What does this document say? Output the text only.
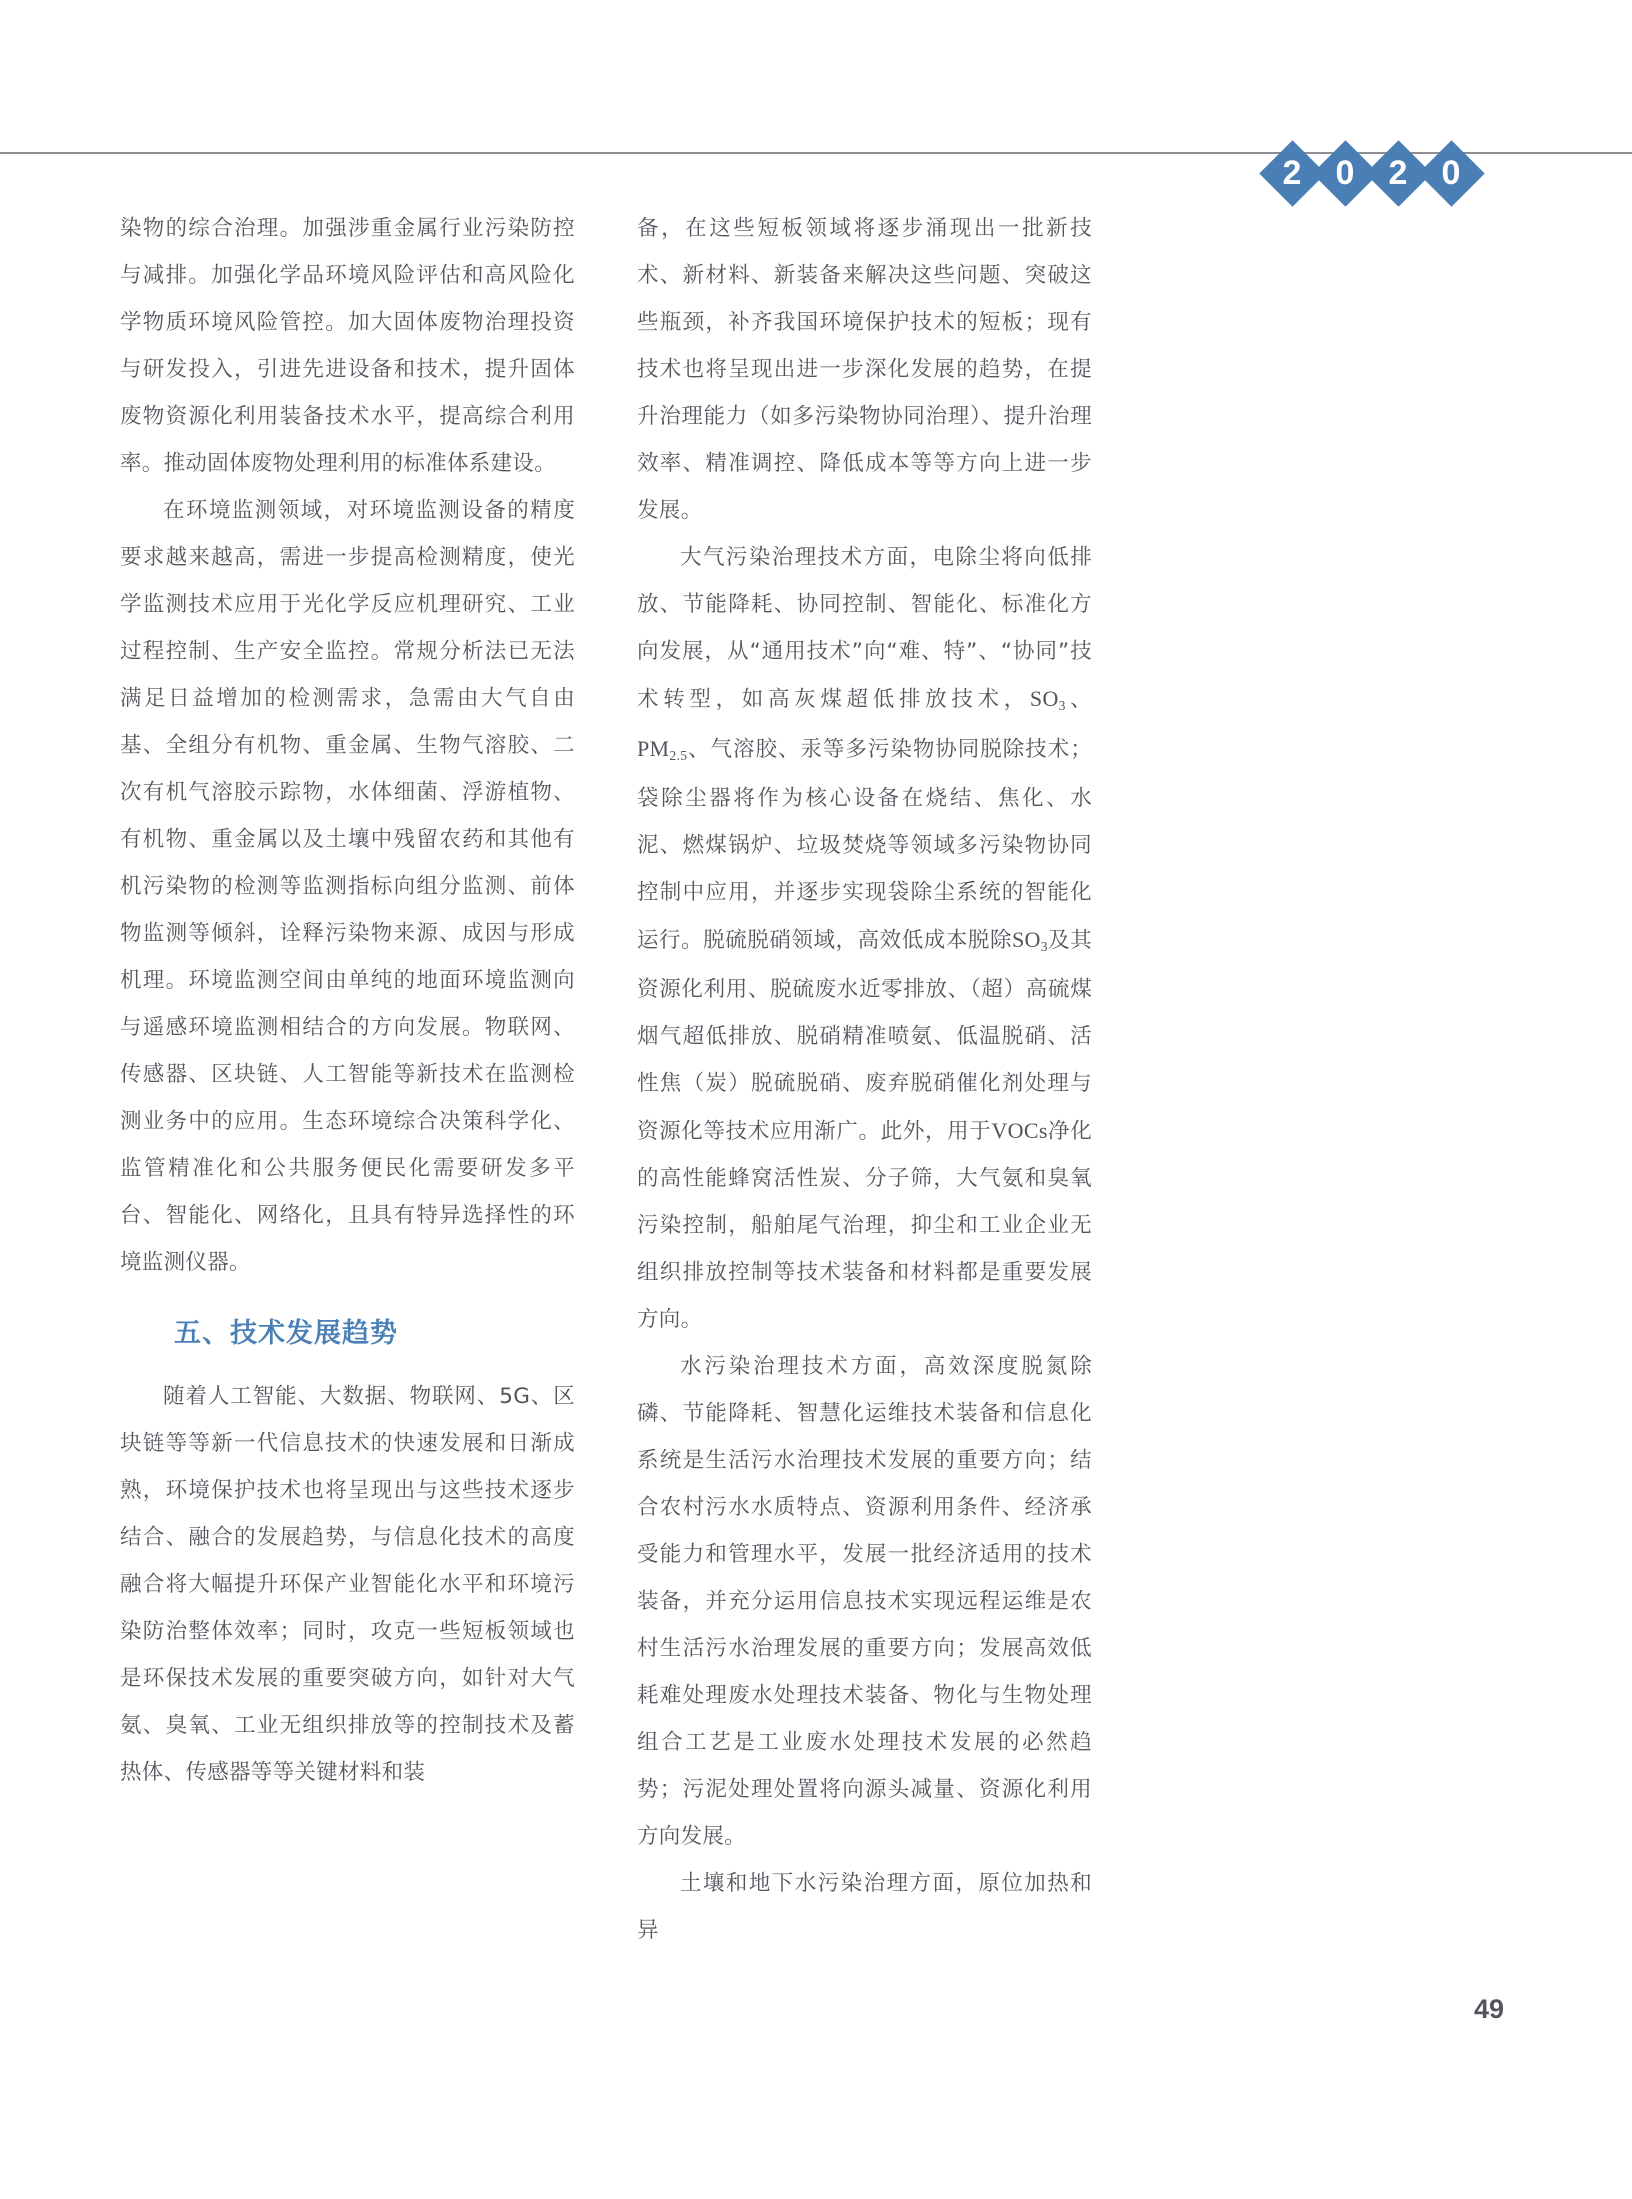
2 0 2 0

染物的综合治理。加强涉重金属行业污染防控与减排。加强化学品环境风险评估和高风险化学物质环境风险管控。加大固体废物治理投资与研发投入，引进先进设备和技术，提升固体废物资源化利用装备技术水平，提高综合利用率。推动固体废物处理利用的标准体系建设。

在环境监测领域，对环境监测设备的精度要求越来越高，需进一步提高检测精度，使光学监测技术应用于光化学反应机理研究、工业过程控制、生产安全监控。常规分析法已无法满足日益增加的检测需求，急需由大气自由基、全组分有机物、重金属、生物气溶胶、二次有机气溶胶示踪物，水体细菌、浮游植物、有机物、重金属以及土壤中残留农药和其他有机污染物的检测等监测指标向组分监测、前体物监测等倾斜，诠释污染物来源、成因与形成机理。环境监测空间由单纯的地面环境监测向与遥感环境监测相结合的方向发展。物联网、传感器、区块链、人工智能等新技术在监测检测业务中的应用。生态环境综合决策科学化、监管精准化和公共服务便民化需要研发多平台、智能化、网络化，且具有特异选择性的环境监测仪器。

五、技术发展趋势

随着人工智能、大数据、物联网、5G、区块链等等新一代信息技术的快速发展和日渐成熟，环境保护技术也将呈现出与这些技术逐步结合、融合的发展趋势，与信息化技术的高度融合将大幅提升环保产业智能化水平和环境污染防治整体效率；同时，攻克一些短板领域也是环保技术发展的重要突破方向，如针对大气氨、臭氧、工业无组织排放等的控制技术及蓄热体、传感器等等关键材料和装

备，在这些短板领域将逐步涌现出一批新技术、新材料、新装备来解决这些问题、突破这些瓶颈，补齐我国环境保护技术的短板；现有技术也将呈现出进一步深化发展的趋势，在提升治理能力（如多污染物协同治理）、提升治理效率、精准调控、降低成本等等方向上进一步发展。

大气污染治理技术方面，电除尘将向低排放、节能降耗、协同控制、智能化、标准化方向发展，从“通用技术”向“难、特”、“协同”技术转型，如高灰煤超低排放技术，$SO_3$、$PM_{2.5}$、气溶胶、汞等多污染物协同脱除技术；袋除尘器将作为核心设备在烧结、焦化、水泥、燃煤锅炉、垃圾焚烧等领域多污染物协同控制中应用，并逐步实现袋除尘系统的智能化运行。脱硫脱硝领域，高效低成本脱除$SO_3$及其资源化利用、脱硫废水近零排放、（超）高硫煤烟气超低排放、脱硝精准喷氨、低温脱硝、活性焦（炭）脱硫脱硝、废弃脱硝催化剂处理与资源化等技术应用渐广。此外，用于VOCs净化的高性能蜂窝活性炭、分子筛，大气氨和臭氧污染控制，船舶尾气治理，抑尘和工业企业无组织排放控制等技术装备和材料都是重要发展方向。

水污染治理技术方面，高效深度脱氮除磷、节能降耗、智慧化运维技术装备和信息化系统是生活污水治理技术发展的重要方向；结合农村污水水质特点、资源利用条件、经济承受能力和管理水平，发展一批经济适用的技术装备，并充分运用信息技术实现远程运维是农村生活污水治理发展的重要方向；发展高效低耗难处理废水处理技术装备、物化与生物处理组合工艺是工业废水处理技术发展的必然趋势；污泥处理处置将向源头减量、资源化利用方向发展。

土壤和地下水污染治理方面，原位加热和异

49
